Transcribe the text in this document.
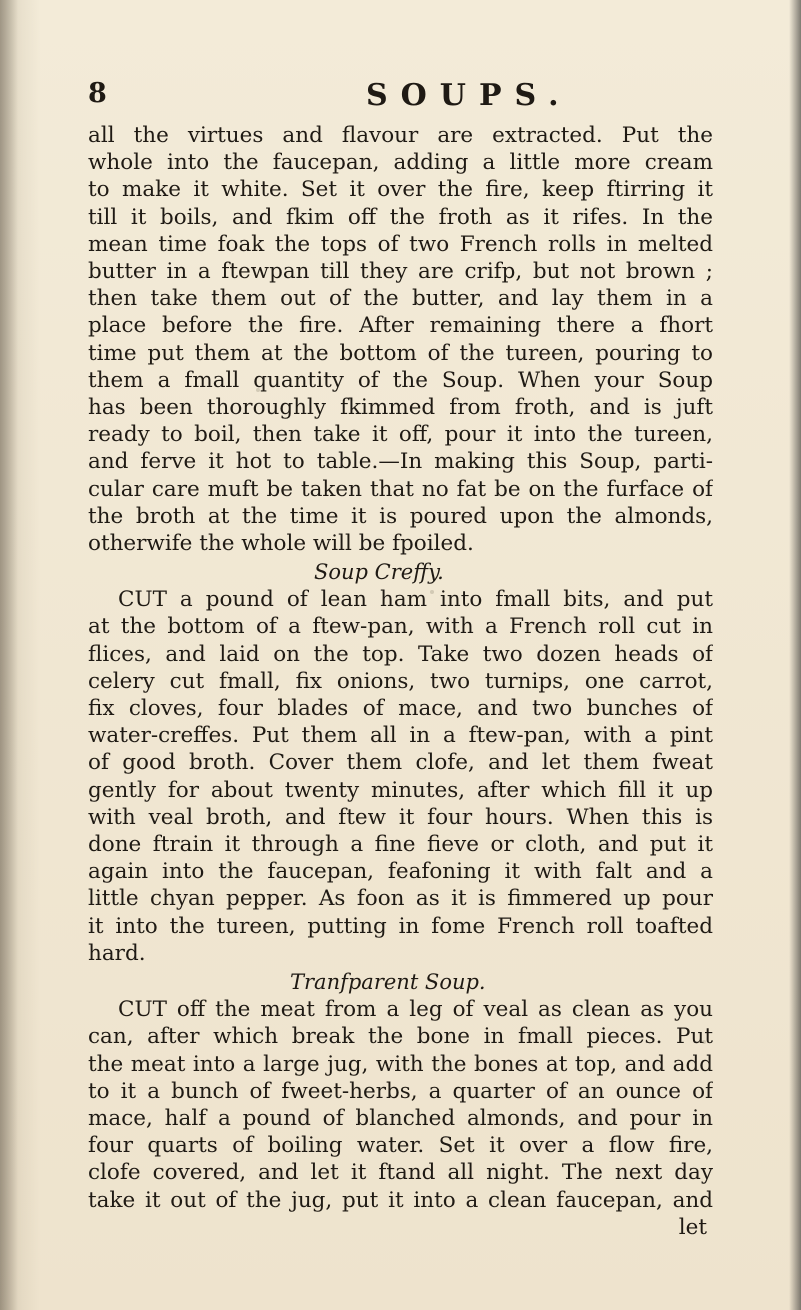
8	SOUPS.
all the virtues and flavour are extracted. Put the
whole into the faucepan, adding a little more cream
to make it white. Set it over the fire, keep ftirring it
till it boils, and fkim off the froth as it rifes. In the
mean time foak the tops of two French rolls in melted
butter in a ftewpan till they are crifp, but not brown ;
then take them out of the butter, and lay them in a
place before the fire. After remaining there a fhort
time put them at the bottom of the tureen, pouring to
them a fmall quantity of the Soup. When your Soup
has been thoroughly fkimmed from froth, and is juft
ready to boil, then take it off, pour it into the tureen,
and ferve it hot to table.—In making this Soup, parti-
cular care muft be taken that no fat be on the furface of
the broth at the time it is poured upon the almonds,
otherwife the whole will be fpoiled.
Soup Creffy.
CUT a pound of lean ham into fmall bits, and put
at the bottom of a ftew-pan, with a French roll cut in
flices, and laid on the top. Take two dozen heads of
celery cut fmall, fix onions, two turnips, one carrot,
fix cloves, four blades of mace, and two bunches of
water-creffes. Put them all in a ftew-pan, with a pint
of good broth. Cover them clofe, and let them fweat
gently for about twenty minutes, after which fill it up
with veal broth, and ftew it four hours. When this is
done ftrain it through a fine fieve or cloth, and put it
again into the faucepan, feafoning it with falt and a
little chyan pepper. As foon as it is fimmered up pour
it into the tureen, putting in fome French roll toafted
hard.
Tranfparent Soup.
CUT off the meat from a leg of veal as clean as you
can, after which break the bone in fmall pieces. Put
the meat into a large jug, with the bones at top, and add
to it a bunch of fweet-herbs, a quarter of an ounce of
mace, half a pound of blanched almonds, and pour in
four quarts of boiling water. Set it over a flow fire,
clofe covered, and let it ftand all night. The next day
take it out of the jug, put it into a clean faucepan, and
let
